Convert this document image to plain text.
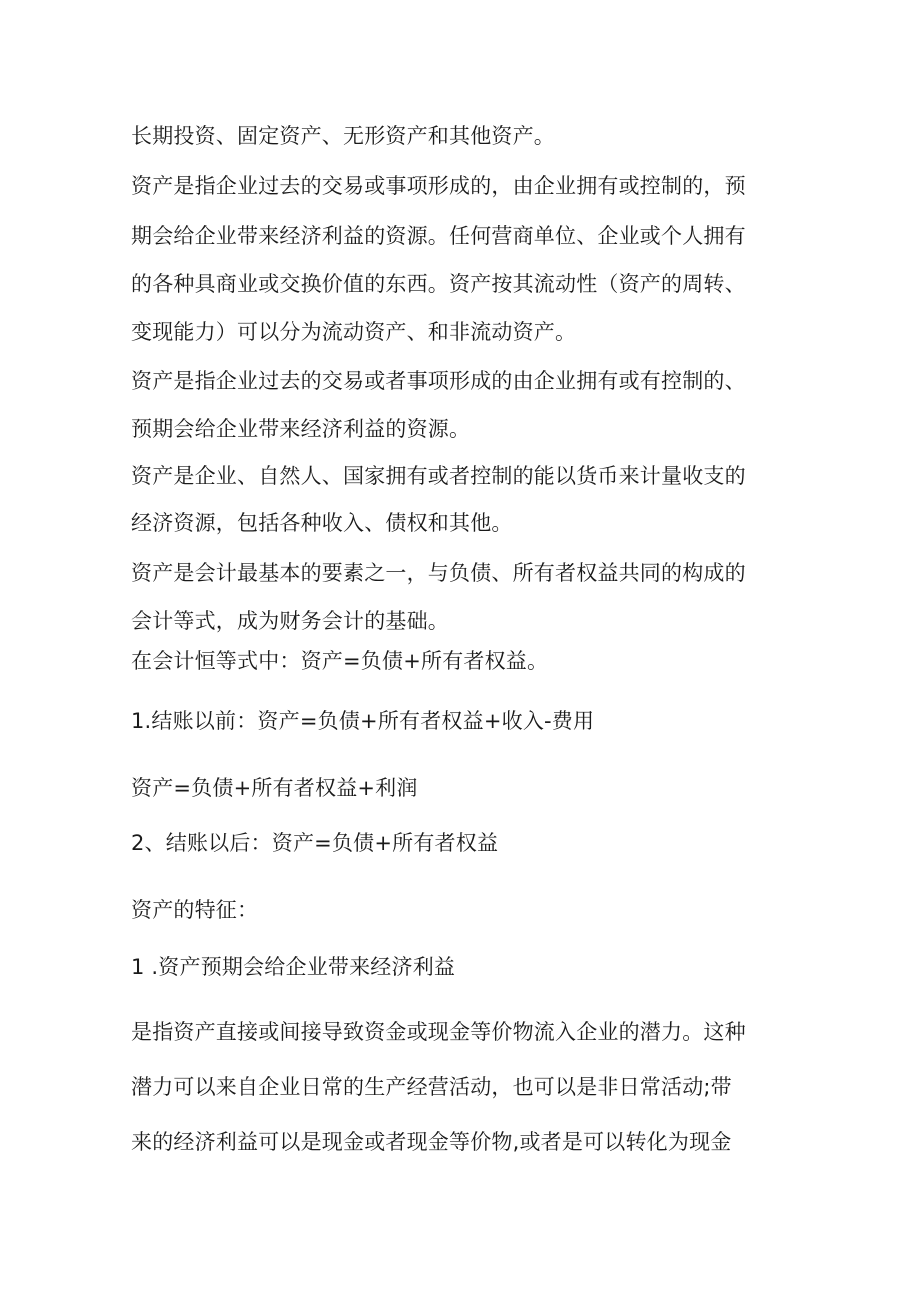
长期投资、固定资产、无形资产和其他资产。
资产是指企业过去的交易或事项形成的，由企业拥有或控制的，预
期会给企业带来经济利益的资源。任何营商单位、企业或个人拥有
的各种具商业或交换价值的东西。资产按其流动性（资产的周转、
变现能力）可以分为流动资产、和非流动资产。
资产是指企业过去的交易或者事项形成的由企业拥有或有控制的、
预期会给企业带来经济利益的资源。
资产是企业、自然人、国家拥有或者控制的能以货币来计量收支的
经济资源，包括各种收入、债权和其他。
资产是会计最基本的要素之一，与负债、所有者权益共同的构成的
会计等式，成为财务会计的基础。
在会计恒等式中：资产=负债+所有者权益。
1.结账以前：资产=负债+所有者权益+收入-费用
资产=负债+所有者权益+利润
2、结账以后：资产=负债+所有者权益
资产的特征：
1 .资产预期会给企业带来经济利益
是指资产直接或间接导致资金或现金等价物流入企业的潜力。这种
潜力可以来自企业日常的生产经营活动，也可以是非日常活动;带
来的经济利益可以是现金或者现金等价物,或者是可以转化为现金
